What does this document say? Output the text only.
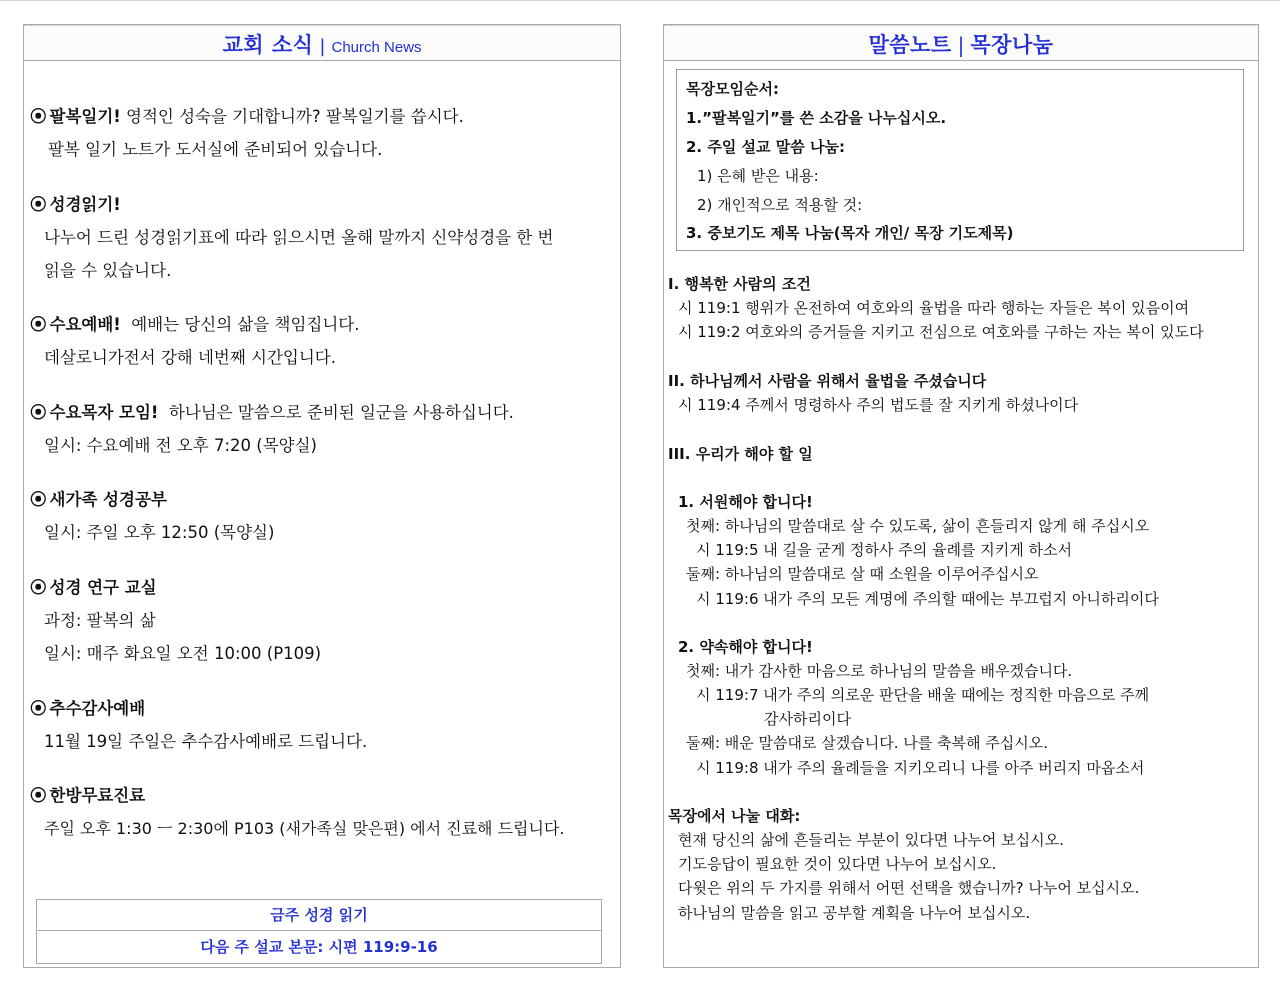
교회 소식 | Church News
⦿ 팔복일기! 영적인 성숙을 기대합니까? 팔복일기를 씁시다.
팔복 일기 노트가 도서실에 준비되어 있습니다.
⦿ 성경읽기!
나누어 드린 성경읽기표에 따라 읽으시면 올해 말까지 신약성경을 한 번
읽을 수 있습니다.
⦿ 수요예배! 예배는 당신의 삶을 책임집니다.
데살로니가전서 강해 네번째 시간입니다.
⦿ 수요목자 모임! 하나님은 말씀으로 준비된 일군을 사용하십니다.
일시: 수요예배 전 오후 7:20 (목양실)
⦿ 새가족 성경공부
일시: 주일 오후 12:50 (목양실)
⦿ 성경 연구 교실
과정: 팔복의 삶
일시: 매주 화요일 오전 10:00 (P109)
⦿ 추수감사예배
11월 19일 주일은 추수감사예배로 드립니다.
⦿ 한방무료진료
주일 오후 1:30 ㅡ 2:30에 P103 (새가족실 맞은편) 에서 진료해 드립니다.
금주 성경 읽기
다음 주 설교 본문: 시편 119:9-16
말씀노트 | 목장나눔
목장모임순서:
1.”팔복일기”를 쓴 소감을 나누십시오.
2. 주일 설교 말씀 나눔:
1) 은혜 받은 내용:
2) 개인적으로 적용할 것:
3. 중보기도 제목 나눔(목자 개인/ 목장 기도제목)
I. 행복한 사람의 조건
시 119:1 행위가 온전하여 여호와의 율법을 따라 행하는 자들은 복이 있음이여
시 119:2 여호와의 증거들을 지키고 전심으로 여호와를 구하는 자는 복이 있도다
II. 하나님께서 사람을 위해서 율법을 주셨습니다
시 119:4 주께서 명령하사 주의 법도를 잘 지키게 하셨나이다
III. 우리가 해야 할 일
1. 서원해야 합니다!
첫째: 하나님의 말씀대로 살 수 있도록, 삶이 흔들리지 않게 해 주십시오
시 119:5 내 길을 굳게 정하사 주의 율례를 지키게 하소서
둘째: 하나님의 말씀대로 살 때 소원을 이루어주십시오
시 119:6 내가 주의 모든 계명에 주의할 때에는 부끄럽지 아니하리이다
2. 약속해야 합니다!
첫째: 내가 감사한 마음으로 하나님의 말씀을 배우겠습니다.
시 119:7 내가 주의 의로운 판단을 배울 때에는 정직한 마음으로 주께
감사하리이다
둘째: 배운 말씀대로 살겠습니다. 나를 축복해 주십시오.
시 119:8 내가 주의 율례들을 지키오리니 나를 아주 버리지 마옵소서
목장에서 나눌 대화:
현재 당신의 삶에 흔들리는 부분이 있다면 나누어 보십시오.
기도응답이 필요한 것이 있다면 나누어 보십시오.
다윗은 위의 두 가지를 위해서 어떤 선택을 했습니까? 나누어 보십시오.
하나님의 말씀을 읽고 공부할 계획을 나누어 보십시오.
